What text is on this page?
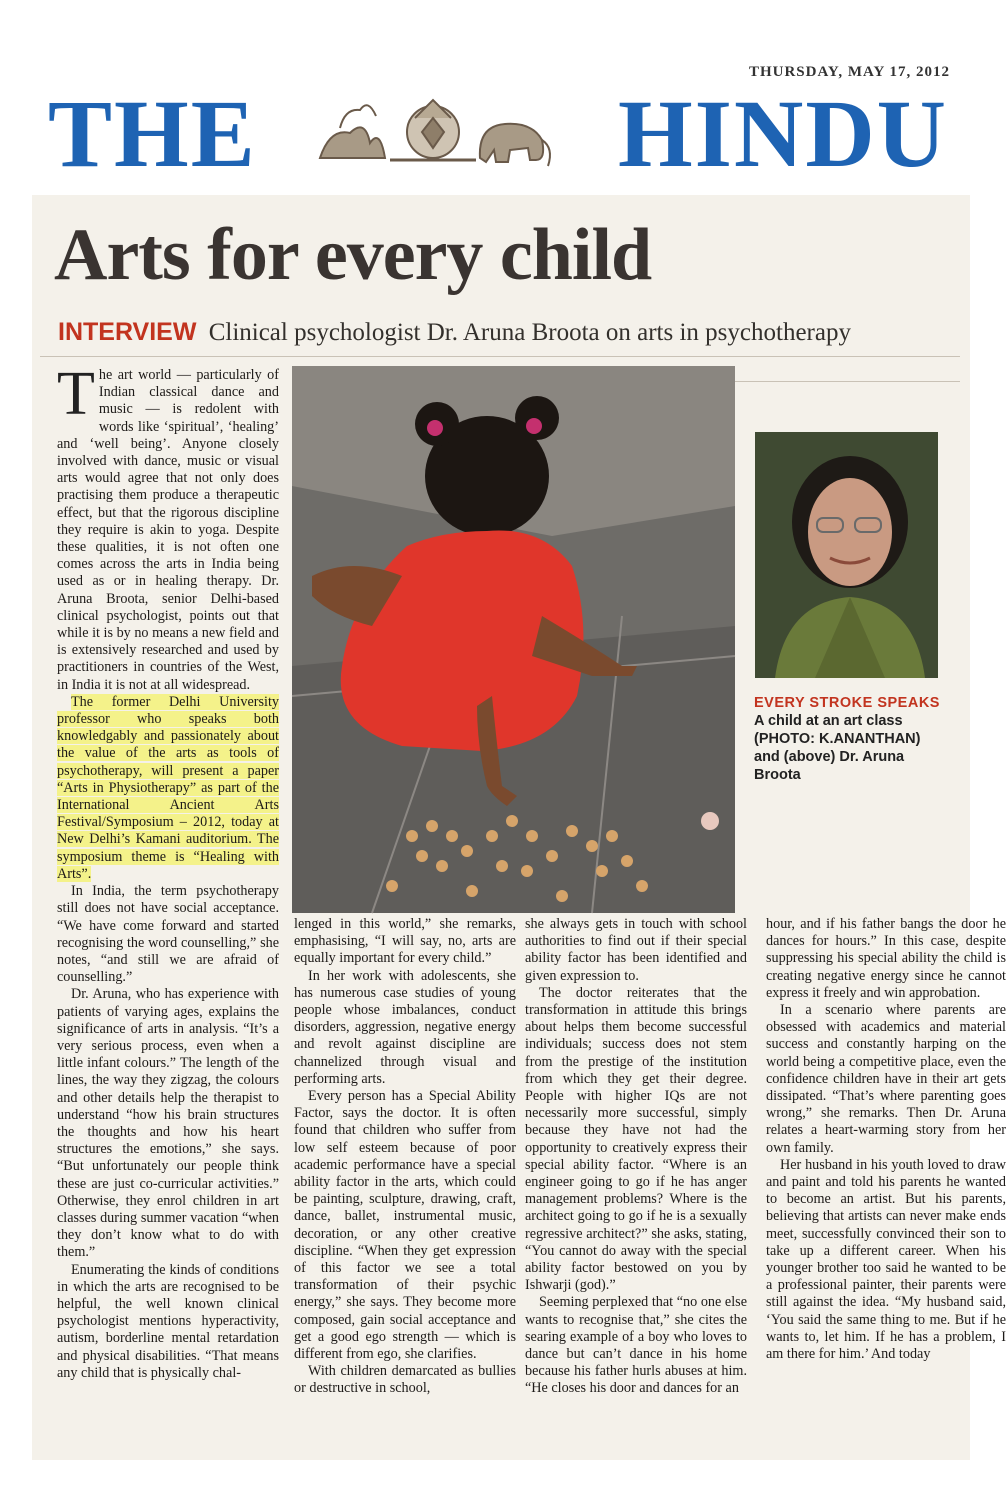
THURSDAY, MAY 17, 2012
THE	HINDU
Arts for every child
INTERVIEW Clinical psychologist Dr. Aruna Broota on arts in psychotherapy

The art world — particularly of Indian classical dance and music — is redolent with words like ‘spiritual’, ‘healing’ and ‘well being’. Anyone closely involved with dance, music or visual arts would agree that not only does practising them produce a therapeutic effect, but that the rigorous discipline they require is akin to yoga. Despite these qualities, it is not often one comes across the arts in India being used as or in healing therapy. Dr. Aruna Broota, senior Delhi-based clinical psychologist, points out that while it is by no means a new field and is extensively researched and used by practitioners in countries of the West, in India it is not at all widespread.

The former Delhi University professor who speaks both knowledgably and passionately about the value of the arts as tools of psychotherapy, will present a paper “Arts in Physiotherapy” as part of the International Ancient Arts Festival/Symposium – 2012, today at New Delhi’s Kamani auditorium. The symposium theme is “Healing with Arts”.

In India, the term psychotherapy still does not have social acceptance. “We have come forward and started recognising the word counselling,” she notes, “and still we are afraid of counselling.”

Dr. Aruna, who has experience with patients of varying ages, explains the significance of arts in analysis. “It’s a very serious process, even when a little infant colours.” The length of the lines, the way they zigzag, the colours and other details help the therapist to understand “how his brain structures the thoughts and how his heart structures the emotions,” she says. “But unfortunately our people think these are just co-curricular activities.” Otherwise, they enrol children in art classes during summer vacation “when they don’t know what to do with them.”

Enumerating the kinds of conditions in which the arts are recognised to be helpful, the well known clinical psychologist mentions hyperactivity, autism, borderline mental retardation and physical disabilities. “That means any child that is physically chal-

EVERY STROKE SPEAKS
A child at an art class
(PHOTO: K.ANANTHAN)
and (above) Dr. Aruna Broota

lenged in this world,” she remarks, emphasising, “I will say, no, arts are equally important for every child.”

In her work with adolescents, she has numerous case studies of young people whose imbalances, conduct disorders, aggression, negative energy and revolt against discipline are channelized through visual and performing arts.

Every person has a Special Ability Factor, says the doctor. It is often found that children who suffer from low self esteem because of poor academic performance have a special ability factor in the arts, which could be painting, sculpture, drawing, craft, dance, ballet, instrumental music, decoration, or any other creative discipline. “When they get expression of this factor we see a total transformation of their psychic energy,” she says. They become more composed, gain social acceptance and get a good ego strength — which is different from ego, she clarifies.

With children demarcated as bullies or destructive in school,

she always gets in touch with school authorities to find out if their special ability factor has been identified and given expression to.

The doctor reiterates that the transformation in attitude this brings about helps them become successful individuals; success does not stem from the prestige of the institution from which they get their degree. People with higher IQs are not necessarily more successful, simply because they have not had the opportunity to creatively express their special ability factor. “Where is an engineer going to go if he has anger management problems? Where is the architect going to go if he is a sexually regressive architect?” she asks, stating, “You cannot do away with the special ability factor bestowed on you by Ishwarji (god).”

Seeming perplexed that “no one else wants to recognise that,” she cites the searing example of a boy who loves to dance but can’t dance in his home because his father hurls abuses at him. “He closes his door and dances for an

hour, and if his father bangs the door he dances for hours.” In this case, despite suppressing his special ability the child is creating negative energy since he cannot express it freely and win approbation.

In a scenario where parents are obsessed with academics and material success and constantly harping on the world being a competitive place, even the confidence children have in their art gets dissipated. “That’s where parenting goes wrong,” she remarks. Then Dr. Aruna relates a heart-warming story from her own family.

Her husband in his youth loved to draw and paint and told his parents he wanted to become an artist. But his parents, believing that artists can never make ends meet, successfully convinced their son to take up a different career. When his younger brother too said he wanted to be a professional painter, their parents were still against the idea. “My husband said, ‘You said the same thing to me. But if he wants to, let him. If he has a problem, I am there for him.’ And today
